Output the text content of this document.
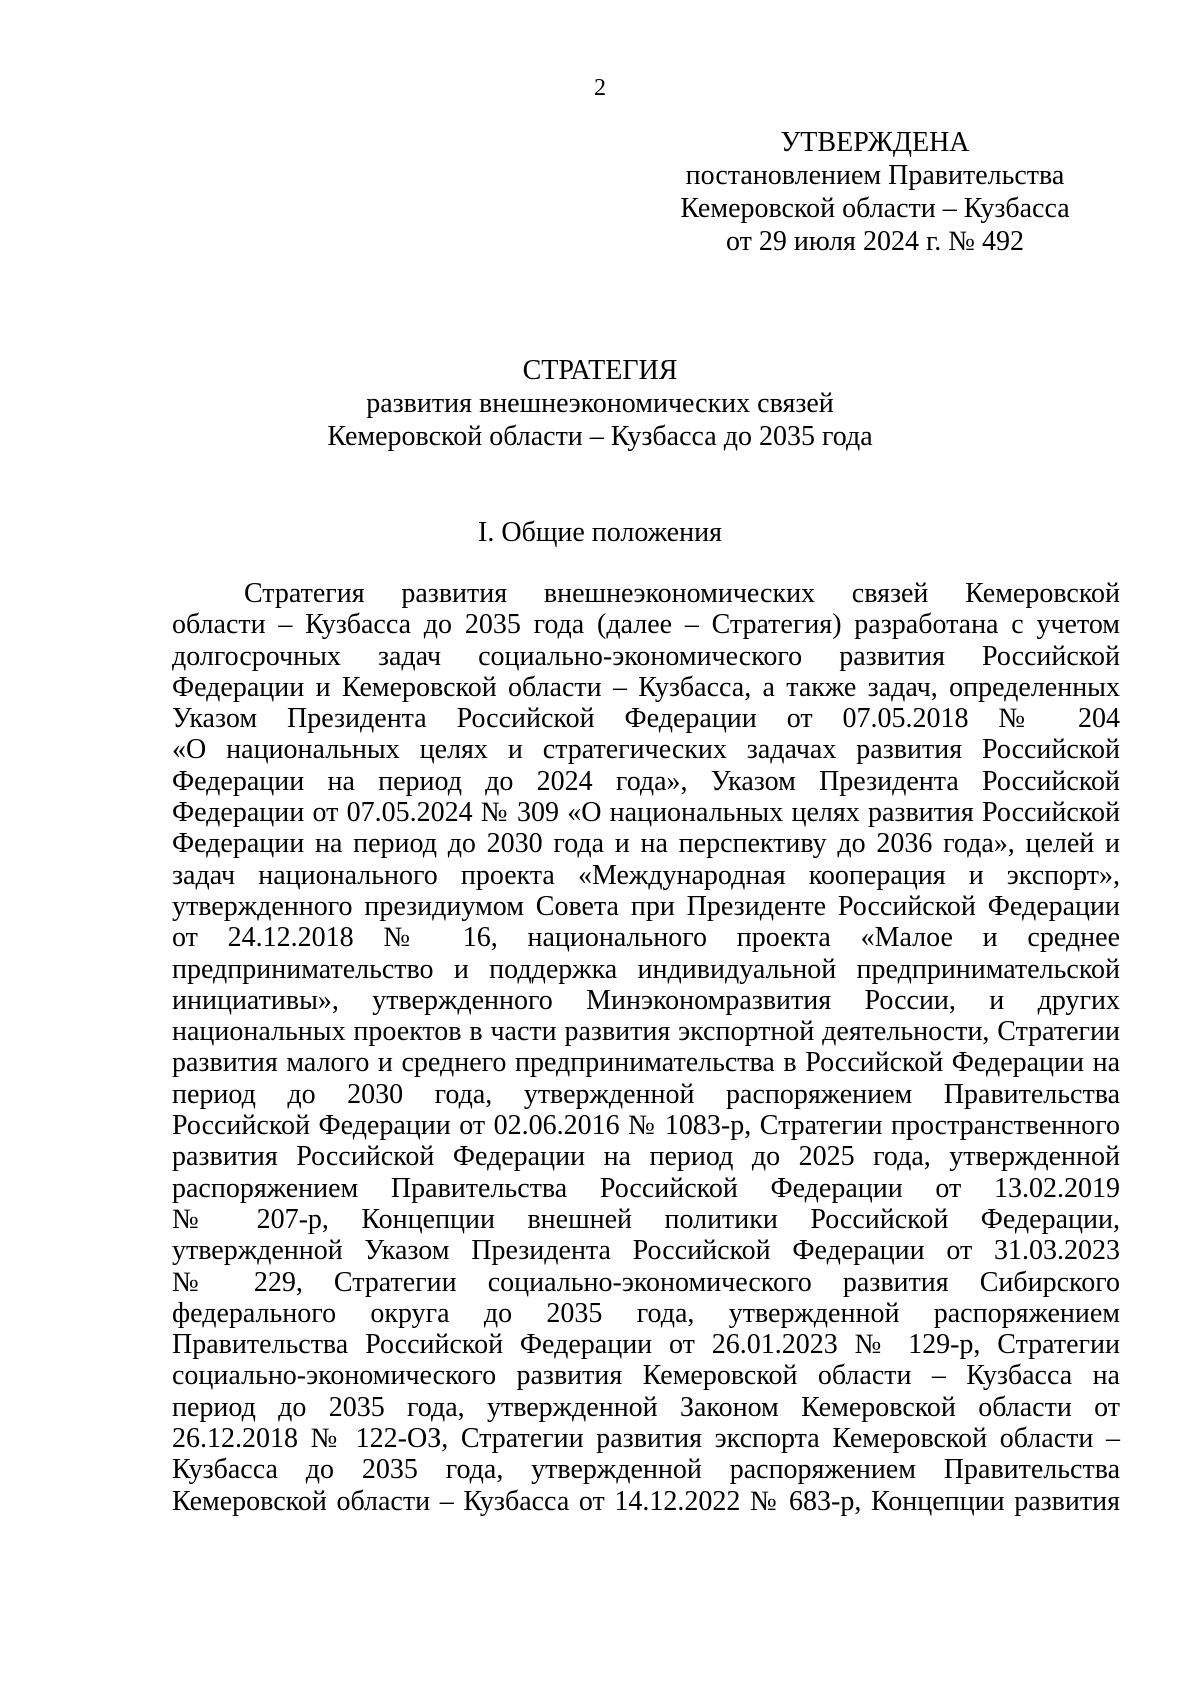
2
УТВЕРЖДЕНА
постановлением Правительства
Кемеровской области – Кузбасса
от 29 июля 2024 г. № 492
СТРАТЕГИЯ
развития внешнеэкономических связей
Кемеровской области – Кузбасса до 2035 года
I. Общие положения
Стратегия развития внешнеэкономических связей Кемеровской
области – Кузбасса до 2035 года (далее – Стратегия) разработана с учетом
долгосрочных задач социально-экономического развития Российской
Федерации и Кемеровской области – Кузбасса, а также задач, определенных
Указом Президента Российской Федерации от 07.05.2018 № 204
«О национальных целях и стратегических задачах развития Российской
Федерации на период до 2024 года», Указом Президента Российской
Федерации от 07.05.2024 № 309 «О национальных целях развития Российской
Федерации на период до 2030 года и на перспективу до 2036 года», целей и
задач национального проекта «Международная кооперация и экспорт»,
утвержденного президиумом Совета при Президенте Российской Федерации
от 24.12.2018 № 16, национального проекта «Малое и среднее
предпринимательство и поддержка индивидуальной предпринимательской
инициативы», утвержденного Минэкономразвития России, и других
национальных проектов в части развития экспортной деятельности, Стратегии
развития малого и среднего предпринимательства в Российской Федерации на
период до 2030 года, утвержденной распоряжением Правительства
Российской Федерации от 02.06.2016 № 1083-р, Стратегии пространственного
развития Российской Федерации на период до 2025 года, утвержденной
распоряжением Правительства Российской Федерации от 13.02.2019
№ 207-р, Концепции внешней политики Российской Федерации,
утвержденной Указом Президента Российской Федерации от 31.03.2023
№ 229, Стратегии социально-экономического развития Сибирского
федерального округа до 2035 года, утвержденной распоряжением
Правительства Российской Федерации от 26.01.2023 № 129-р, Стратегии
социально-экономического развития Кемеровской области – Кузбасса на
период до 2035 года, утвержденной Законом Кемеровской области от
26.12.2018 № 122-ОЗ, Стратегии развития экспорта Кемеровской области –
Кузбасса до 2035 года, утвержденной распоряжением Правительства
Кемеровской области – Кузбасса от 14.12.2022 № 683-р, Концепции развития
